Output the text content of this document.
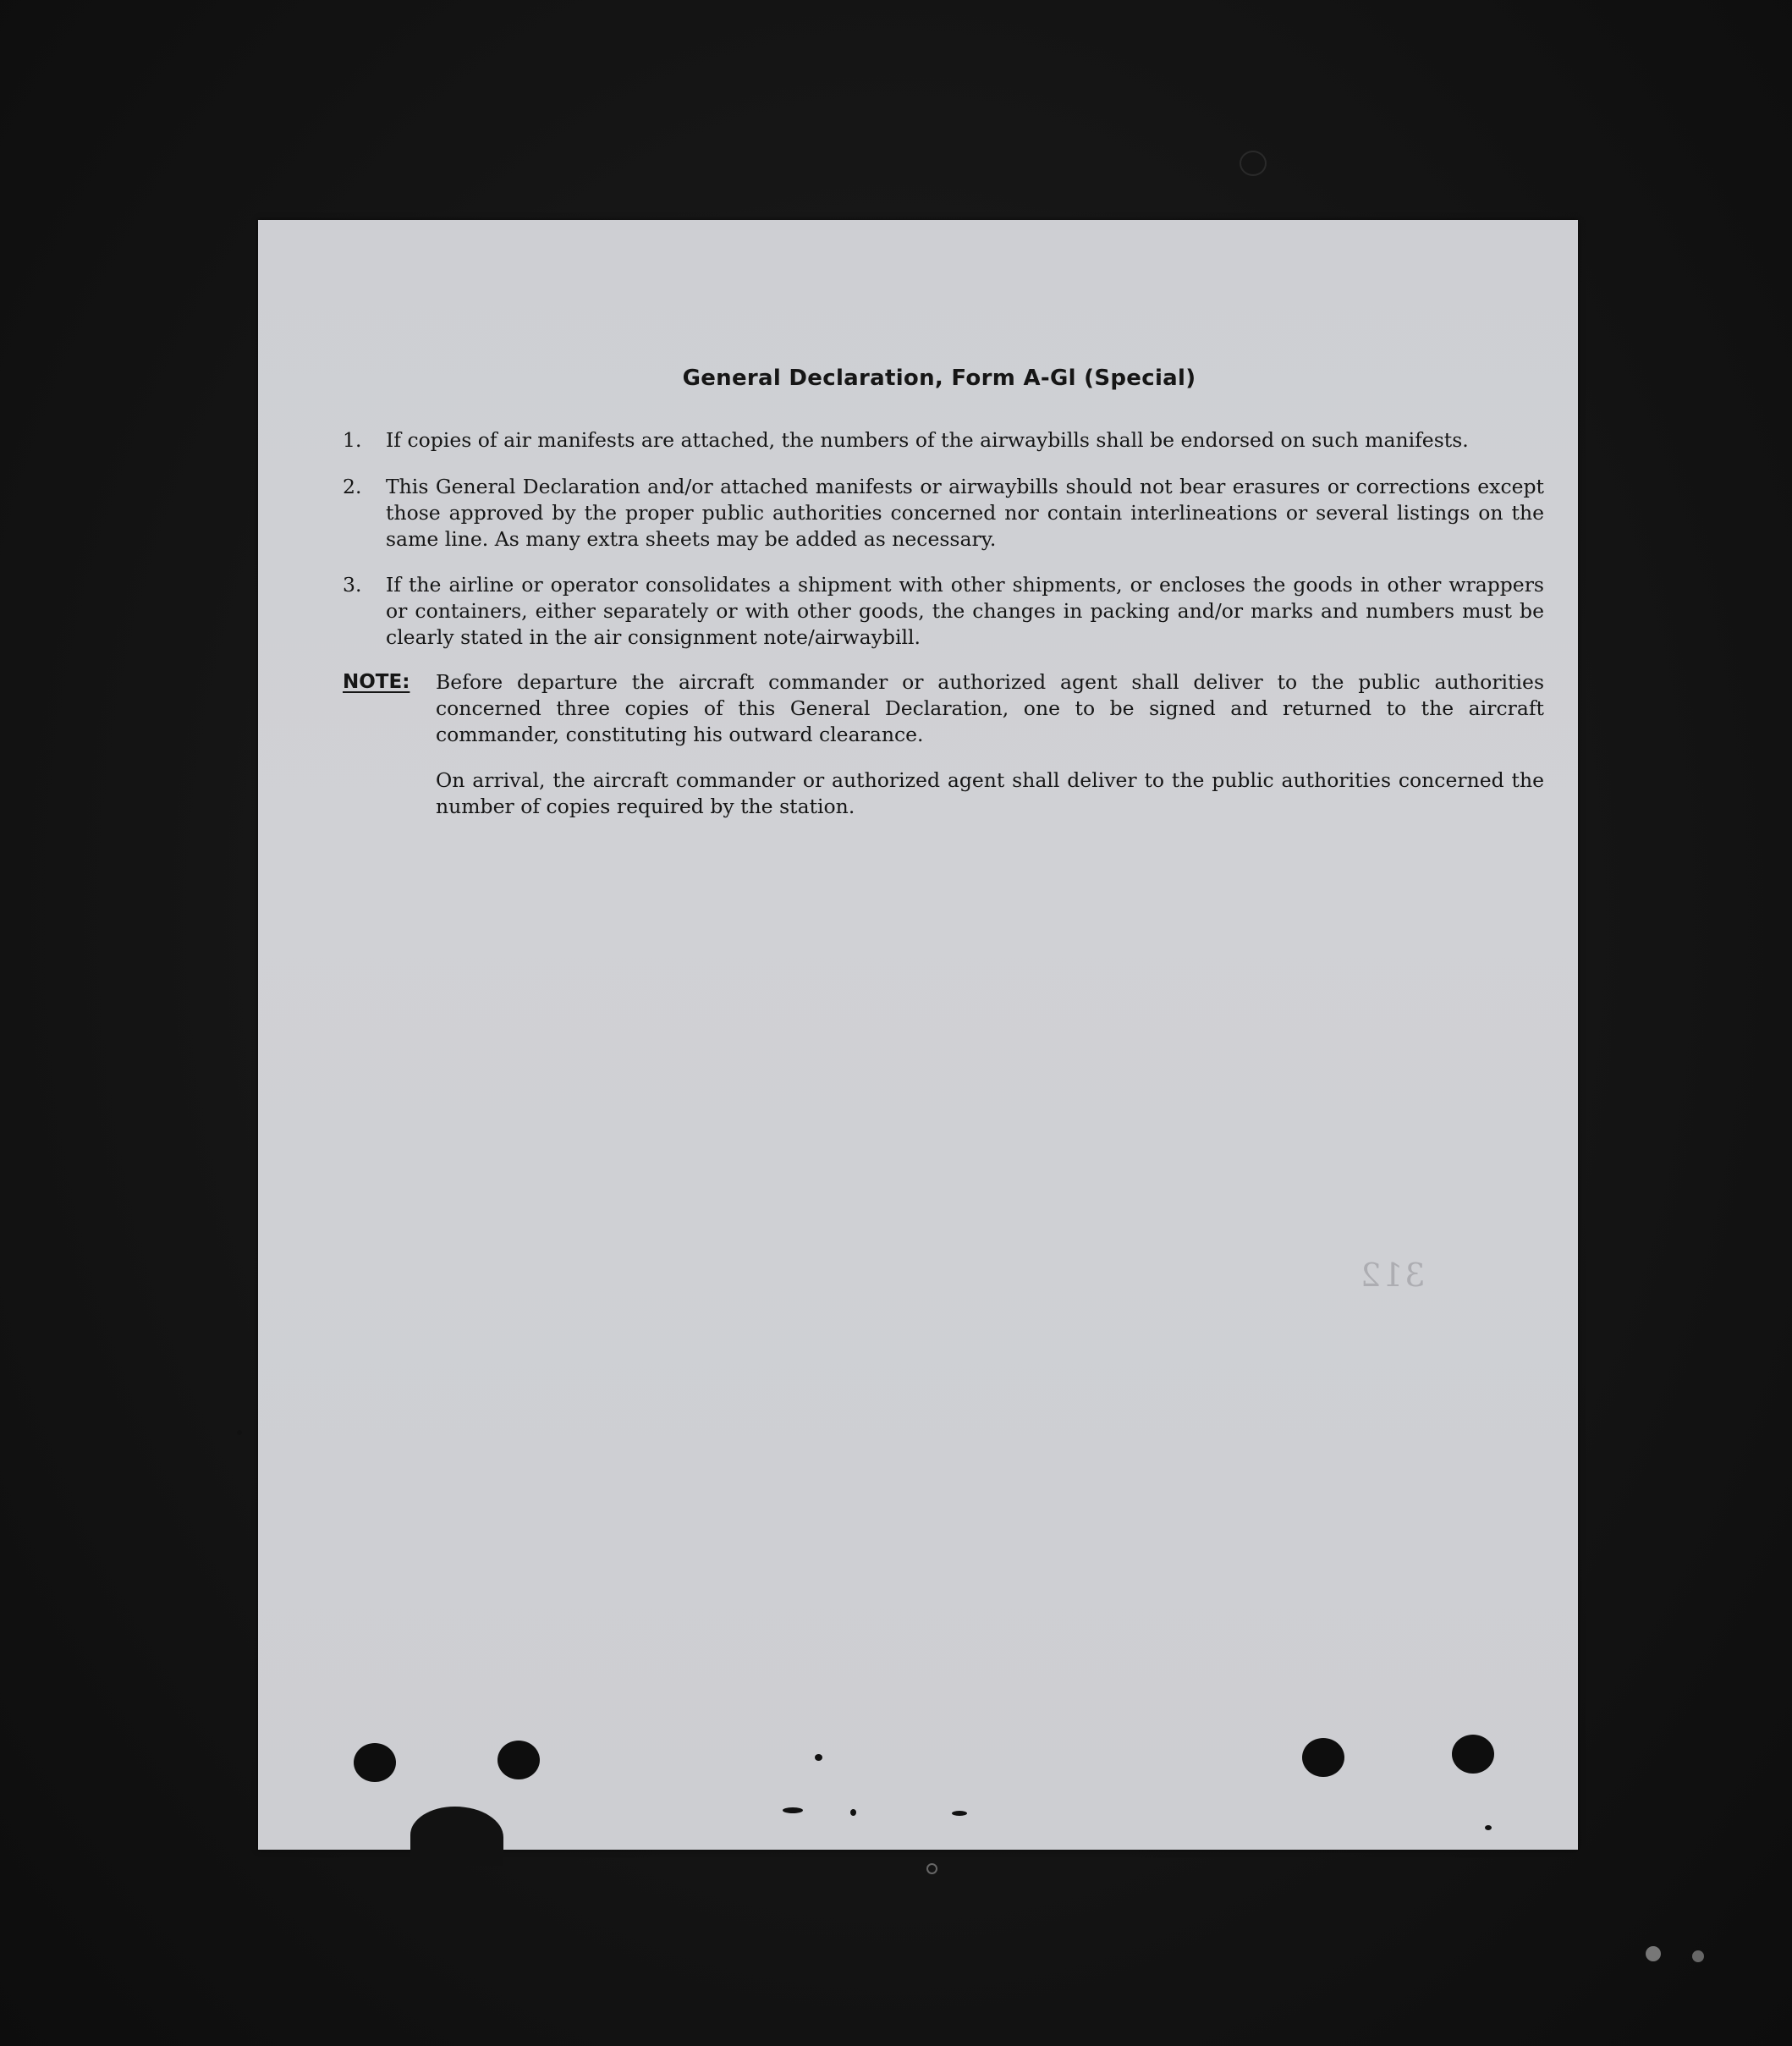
General Declaration, Form A-Gl (Special)
1.	If copies of air manifests are attached, the numbers of the airwaybills shall be endorsed on such manifests.
2.	This General Declaration and/or attached manifests or airwaybills should not bear erasures or corrections except those approved by the proper public authorities concerned nor contain interlineations or several listings on the same line. As many extra sheets may be added as necessary.
3.	If the airline or operator consolidates a shipment with other shipments, or encloses the goods in other wrappers or containers, either separately or with other goods, the changes in packing and/or marks and numbers must be clearly stated in the air consignment note/airwaybill.
NOTE: Before departure the aircraft commander or authorized agent shall deliver to the public authorities concerned three copies of this General Declaration, one to be signed and returned to the aircraft commander, constituting his outward clearance.
On arrival, the aircraft commander or authorized agent shall deliver to the public authorities concerned the number of copies required by the station.
312
